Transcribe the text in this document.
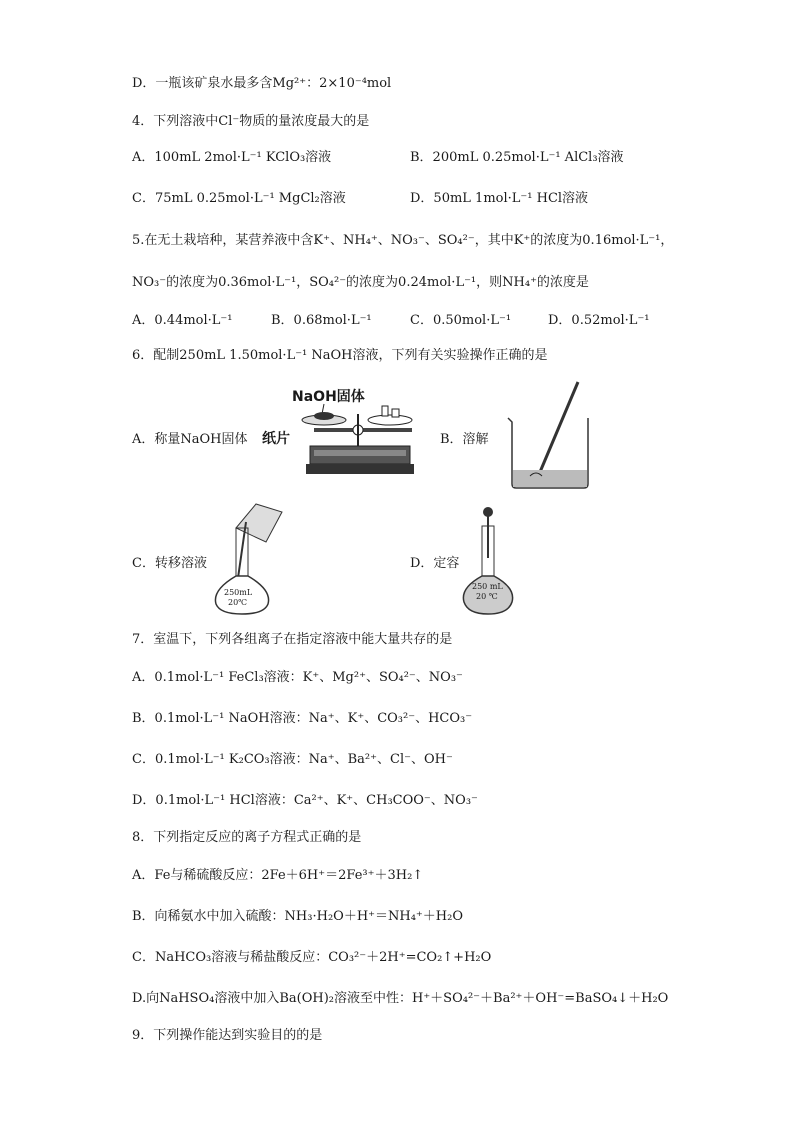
D．一瓶该矿泉水最多含Mg²⁺：2×10⁻⁴mol
4．下列溶液中Cl⁻物质的量浓度最大的是
A．100mL 2mol·L⁻¹ KClO₃溶液	B．200mL 0.25mol·L⁻¹ AlCl₃溶液
C．75mL 0.25mol·L⁻¹ MgCl₂溶液	D．50mL 1mol·L⁻¹ HCl溶液
5.在无土栽培种，某营养液中含K⁺、NH₄⁺、NO₃⁻、SO₄²⁻，其中K⁺的浓度为0.16mol·L⁻¹，
NO₃⁻的浓度为0.36mol·L⁻¹，SO₄²⁻的浓度为0.24mol·L⁻¹，则NH₄⁺的浓度是
A．0.44mol·L⁻¹	B．0.68mol·L⁻¹	C．0.50mol·L⁻¹	D．0.52mol·L⁻¹
6．配制250mL 1.50mol·L⁻¹ NaOH溶液，下列有关实验操作正确的是
A．称量NaOH固体
NaOH固体
纸片	B．溶解
C．转移溶液
250mL
20℃
D．定容
250 mL
20 ℃
7．室温下，下列各组离子在指定溶液中能大量共存的是
A．0.1mol·L⁻¹ FeCl₃溶液：K⁺、Mg²⁺、SO₄²⁻、NO₃⁻
B．0.1mol·L⁻¹ NaOH溶液：Na⁺、K⁺、CO₃²⁻、HCO₃⁻
C．0.1mol·L⁻¹ K₂CO₃溶液：Na⁺、Ba²⁺、Cl⁻、OH⁻
D．0.1mol·L⁻¹ HCl溶液：Ca²⁺、K⁺、CH₃COO⁻、NO₃⁻
8．下列指定反应的离子方程式正确的是
A．Fe与稀硫酸反应：2Fe＋6H⁺＝2Fe³⁺＋3H₂↑
B．向稀氨水中加入硫酸：NH₃·H₂O＋H⁺＝NH₄⁺＋H₂O
C．NaHCO₃溶液与稀盐酸反应：CO₃²⁻＋2H⁺=CO₂↑+H₂O
D.向NaHSO₄溶液中加入Ba(OH)₂溶液至中性：H⁺＋SO₄²⁻＋Ba²⁺＋OH⁻=BaSO₄↓＋H₂O
9．下列操作能达到实验目的的是
